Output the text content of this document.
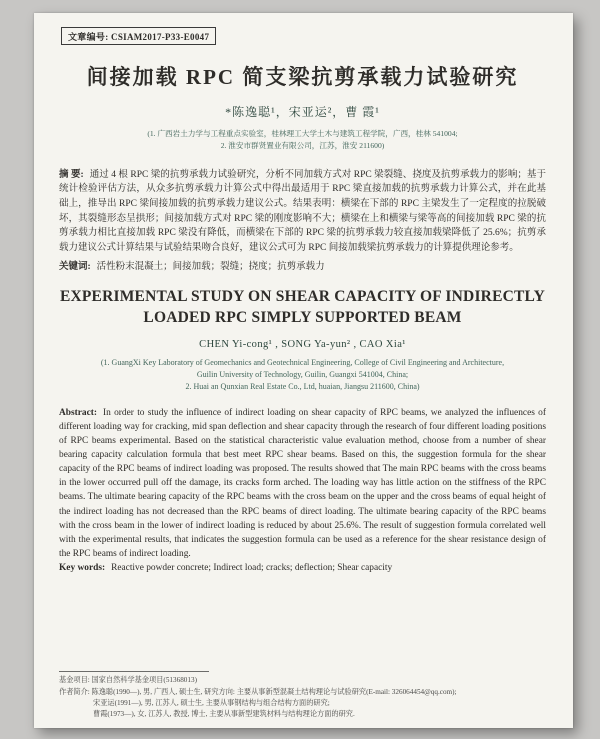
文章编号: CSIAM2017-P33-E0047
间接加载 RPC 简支梁抗剪承载力试验研究
*陈逸聪¹，宋亚运²，曹 霞¹
(1. 广西岩土力学与工程重点实验室，桂林理工大学土木与建筑工程学院，广西，桂林 541004;
2. 淮安市群贤置业有限公司，江苏，淮安 211600)

摘 要: 通过 4 根 RPC 梁的抗剪承载力试验研究，分析不同加载方式对 RPC 梁裂缝、挠度及抗剪承载力的影响；基于统计检验评估方法，从众多抗剪承载力计算公式中得出最适用于 RPC 梁直接加载的抗剪承载力计算公式，并在此基础上，推导出 RPC 梁间接加载的抗剪承载力建议公式。结果表明：横梁在下部的 RPC 主梁发生了一定程度的拉脱破坏，其裂缝形态呈拱形；间接加载方式对 RPC 梁的刚度影响不大；横梁在上和横梁与梁等高的间接加载 RPC 梁的抗剪承载力相比直接加载 RPC 梁没有降低，而横梁在下部的 RPC 梁的抗剪承载力较直接加载梁降低了 25.6%；抗剪承载力建议公式计算结果与试验结果吻合良好，建议公式可为 RPC 间接加载梁抗剪承载力的计算提供理论参考。

关键词: 活性粉末混凝土；间接加载；裂缝；挠度；抗剪承载力

EXPERIMENTAL STUDY ON SHEAR CAPACITY OF INDIRECTLY
LOADED RPC SIMPLY SUPPORTED BEAM
CHEN Yi-cong¹ , SONG Ya-yun² , CAO Xia¹
(1. GuangXi Key Laboratory of Geomechanics and Geotechnical Engineering, College of Civil Engineering and Architecture,
Guilin University of Technology, Guilin, Guangxi 541004, China;
2. Huai an Qunxian Real Estate Co., Ltd, huaian, Jiangsu 211600, China)

Abstract: In order to study the influence of indirect loading on shear capacity of RPC beams, we analyzed the influences of different loading way for cracking, mid span deflection and shear capacity through the research of four different loading positions of RPC beams experimental. Based on the statistical characteristic value evaluation method, choose from a number of shear bearing capacity calculation formula that best meet RPC shear beams. Based on this, the suggestion formula for the shear capacity of the RPC beams of indirect loading was proposed. The results showed that The main RPC beams with the cross beams in the lower occurred pull off the damage, its cracks form arched. The loading way has little action on the stiffness of the RPC beams. The ultimate bearing capacity of the RPC beams with the cross beam on the upper and the cross beams of equal height of the indirect loading has not decreased than the RPC beams of direct loading. The ultimate bearing capacity of the RPC beams with the cross beam in the lower of indirect loading is reduced by about 25.6%. The result of suggestion formula correlated well with the experimental results, that indicates the suggestion formula can be used as a reference for the shear resistance design of the RPC beams of indirect loading.

Key words: Reactive powder concrete; Indirect load; cracks; deflection; Shear capacity

基金项目: 国家自然科学基金项目(51368013)
作者简介: 陈逸聪(1990—), 男, 广西人, 硕士生, 研究方向: 主要从事新型混凝土结构理论与试验研究(E-mail: 326064454@qq.com);
宋亚运(1991—), 男, 江苏人, 硕士生, 主要从事钢结构与组合结构方面的研究;
曹霞(1973—), 女, 江苏人, 教授, 博士, 主要从事新型建筑材料与结构理论方面的研究.
